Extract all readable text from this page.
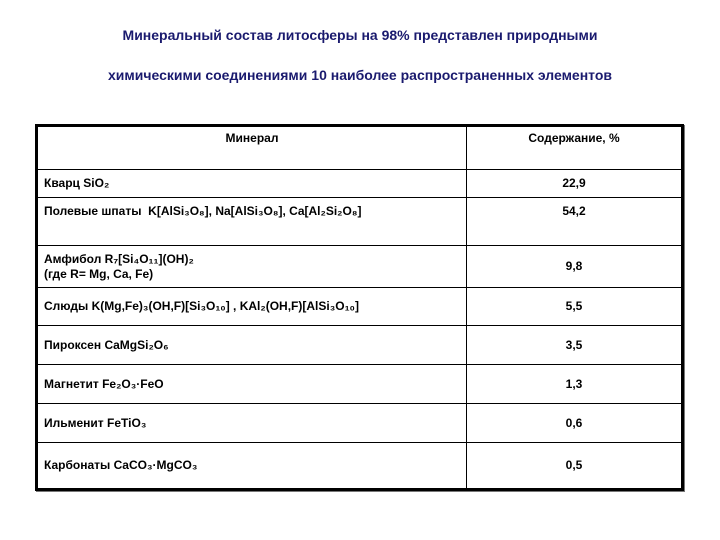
Минеральный состав литосферы на 98% представлен природными
химическими соединениями 10 наиболее распространенных элементов
Минерал	Содержание, %
Кварц SiO₂	22,9
Полевые шпаты K[AlSi₃O₈], Na[AlSi₃O₈], Ca[Al₂Si₂O₈]	54,2
Амфибол R₇[Si₄O₁₁](OH)₂
(где R= Mg, Ca, Fe)	9,8
Слюды K(Mg,Fe)₃(OH,F)[Si₃O₁₀] , KAl₂(OH,F)[AlSi₃O₁₀]	5,5
Пироксен CaMgSi₂O₆	3,5
Магнетит Fe₂O₃·FeO	1,3
Ильменит FeTiO₃	0,6
Карбонаты CaCO₃·MgCO₃	0,5
